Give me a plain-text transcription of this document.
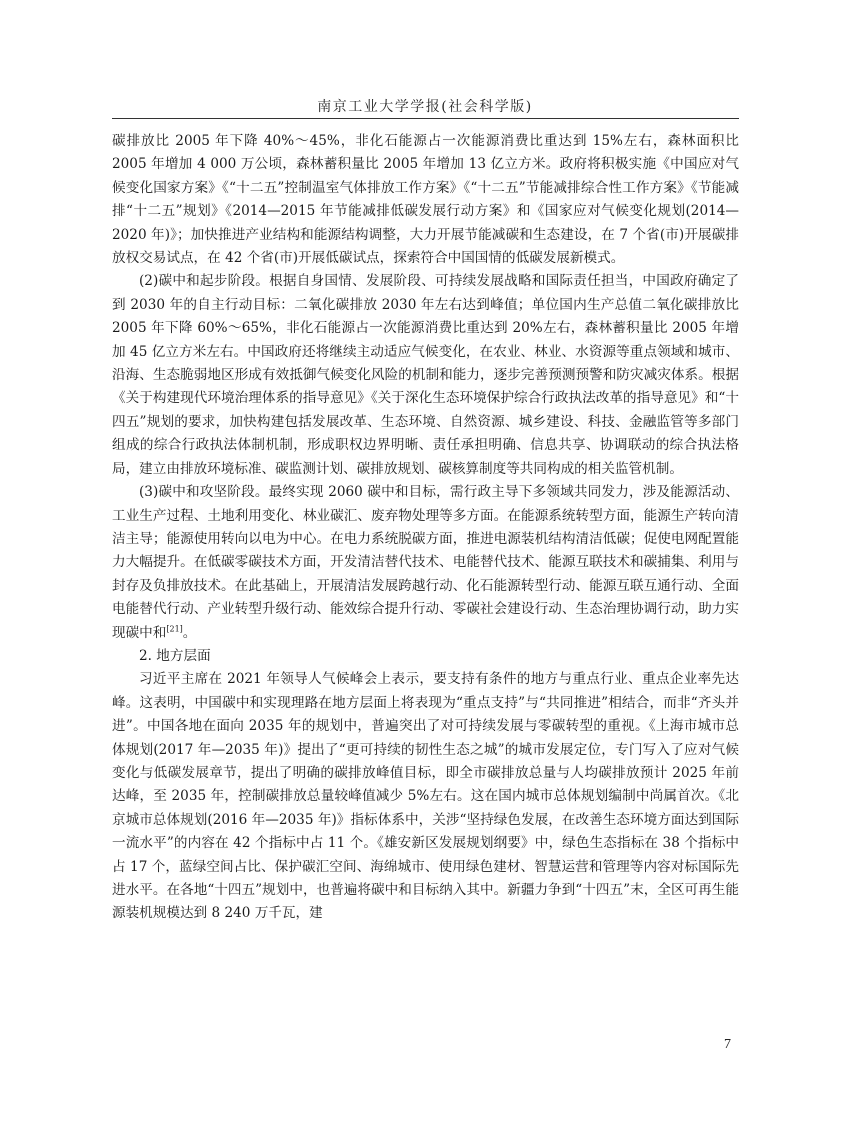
南京工业大学学报(社会科学版)

碳排放比 2005 年下降 40%～45%，非化石能源占一次能源消费比重达到 15%左右，森林面积比 2005 年增加 4 000 万公顷，森林蓄积量比 2005 年增加 13 亿立方米。政府将积极实施《中国应对气候变化国家方案》《“十二五”控制温室气体排放工作方案》《“十二五”节能减排综合性工作方案》《节能减排“十二五”规划》《2014—2015 年节能减排低碳发展行动方案》和《国家应对气候变化规划(2014—2020 年)》；加快推进产业结构和能源结构调整，大力开展节能减碳和生态建设，在 7 个省(市)开展碳排放权交易试点，在 42 个省(市)开展低碳试点，探索符合中国国情的低碳发展新模式。

(2)碳中和起步阶段。根据自身国情、发展阶段、可持续发展战略和国际责任担当，中国政府确定了到 2030 年的自主行动目标：二氧化碳排放 2030 年左右达到峰值；单位国内生产总值二氧化碳排放比 2005 年下降 60%～65%，非化石能源占一次能源消费比重达到 20%左右，森林蓄积量比 2005 年增加 45 亿立方米左右。中国政府还将继续主动适应气候变化，在农业、林业、水资源等重点领域和城市、沿海、生态脆弱地区形成有效抵御气候变化风险的机制和能力，逐步完善预测预警和防灾减灾体系。根据《关于构建现代环境治理体系的指导意见》《关于深化生态环境保护综合行政执法改革的指导意见》和“十四五”规划的要求，加快构建包括发展改革、生态环境、自然资源、城乡建设、科技、金融监管等多部门组成的综合行政执法体制机制，形成职权边界明晰、责任承担明确、信息共享、协调联动的综合执法格局，建立由排放环境标准、碳监测计划、碳排放规划、碳核算制度等共同构成的相关监管机制。

(3)碳中和攻坚阶段。最终实现 2060 碳中和目标，需行政主导下多领域共同发力，涉及能源活动、工业生产过程、土地利用变化、林业碳汇、废弃物处理等多方面。在能源系统转型方面，能源生产转向清洁主导；能源使用转向以电为中心。在电力系统脱碳方面，推进电源装机结构清洁低碳；促使电网配置能力大幅提升。在低碳零碳技术方面，开发清洁替代技术、电能替代技术、能源互联技术和碳捕集、利用与封存及负排放技术。在此基础上，开展清洁发展跨越行动、化石能源转型行动、能源互联互通行动、全面电能替代行动、产业转型升级行动、能效综合提升行动、零碳社会建设行动、生态治理协调行动，助力实现碳中和[21]。

2. 地方层面

习近平主席在 2021 年领导人气候峰会上表示，要支持有条件的地方与重点行业、重点企业率先达峰。这表明，中国碳中和实现理路在地方层面上将表现为“重点支持”与“共同推进”相结合，而非“齐头并进”。中国各地在面向 2035 年的规划中，普遍突出了对可持续发展与零碳转型的重视。《上海市城市总体规划(2017 年—2035 年)》提出了“更可持续的韧性生态之城”的城市发展定位，专门写入了应对气候变化与低碳发展章节，提出了明确的碳排放峰值目标，即全市碳排放总量与人均碳排放预计 2025 年前达峰，至 2035 年，控制碳排放总量较峰值减少 5%左右。这在国内城市总体规划编制中尚属首次。《北京城市总体规划(2016 年—2035 年)》指标体系中，关涉“坚持绿色发展，在改善生态环境方面达到国际一流水平”的内容在 42 个指标中占 11 个。《雄安新区发展规划纲要》中，绿色生态指标在 38 个指标中占 17 个，蓝绿空间占比、保护碳汇空间、海绵城市、使用绿色建材、智慧运营和管理等内容对标国际先进水平。在各地“十四五”规划中，也普遍将碳中和目标纳入其中。新疆力争到“十四五”末，全区可再生能源装机规模达到 8 240 万千瓦，建

7
